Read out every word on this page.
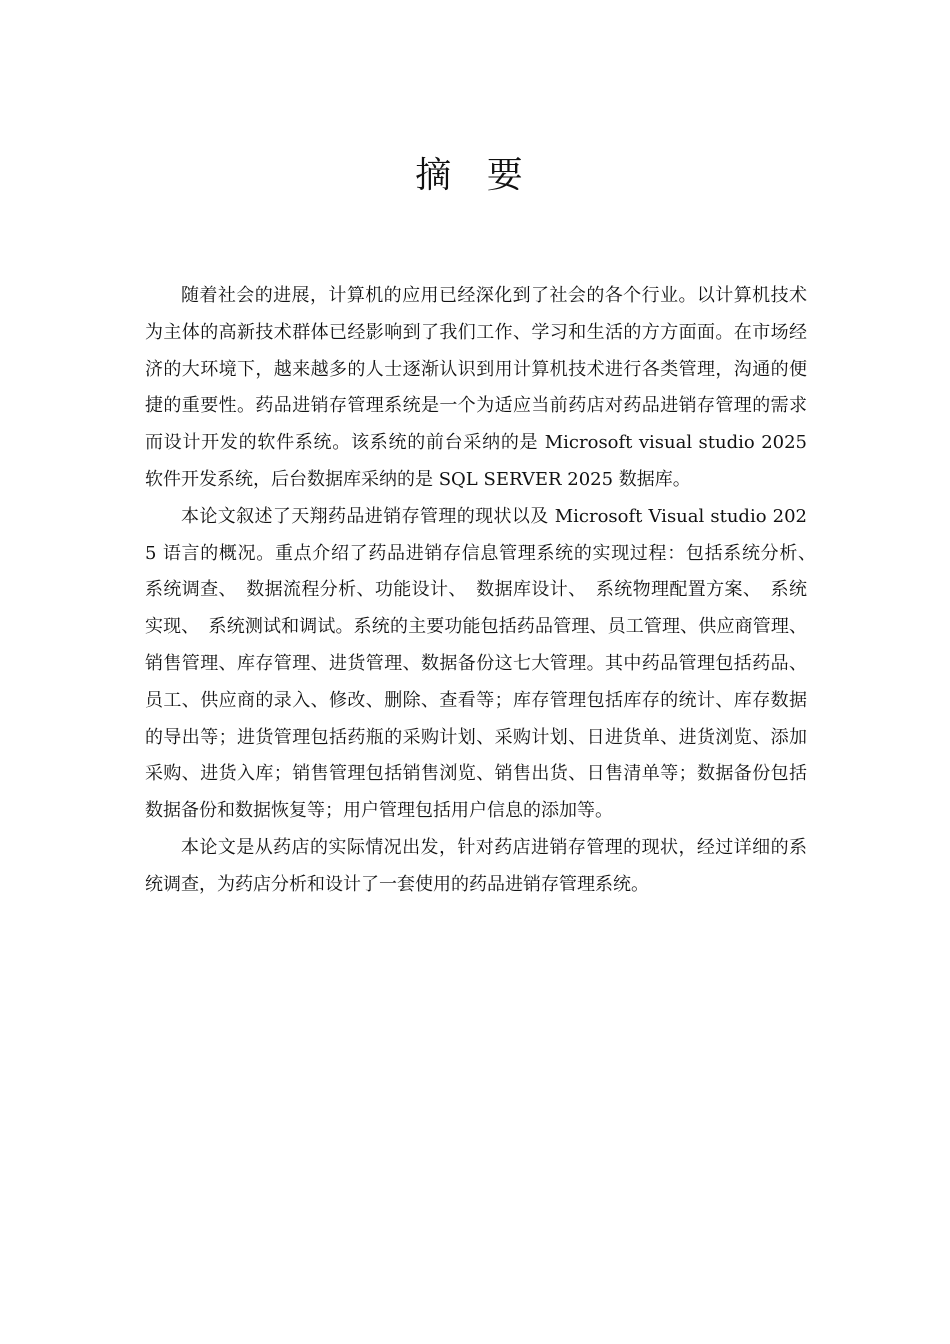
摘 要

随着社会的进展，计算机的应用已经深化到了社会的各个行业。以计算机技术为主体的高新技术群体已经影响到了我们工作、学习和生活的方方面面。在市场经济的大环境下，越来越多的人士逐渐认识到用计算机技术进行各类管理，沟通的便捷的重要性。药品进销存管理系统是一个为适应当前药店对药品进销存管理的需求而设计开发的软件系统。该系统的前台采纳的是 Microsoft visual studio 2025 软件开发系统，后台数据库采纳的是 SQL SERVER 2025 数据库。

本论文叙述了天翔药品进销存管理的现状以及 Microsoft Visual studio 2025 语言的概况。重点介绍了药品进销存信息管理系统的实现过程：包括系统分析、　系统调查、　数据流程分析、功能设计、　数据库设计、　系统物理配置方案、　系统实现、　系统测试和调试。系统的主要功能包括药品管理、员工管理、供应商管理、销售管理、库存管理、进货管理、数据备份这七大管理。其中药品管理包括药品、员工、供应商的录入、修改、删除、查看等；库存管理包括库存的统计、库存数据的导出等；进货管理包括药瓶的采购计划、采购计划、日进货单、进货浏览、添加采购、进货入库；销售管理包括销售浏览、销售出货、日售清单等；数据备份包括数据备份和数据恢复等；用户管理包括用户信息的添加等。

本论文是从药店的实际情况出发，针对药店进销存管理的现状，经过详细的系统调查，为药店分析和设计了一套使用的药品进销存管理系统。
